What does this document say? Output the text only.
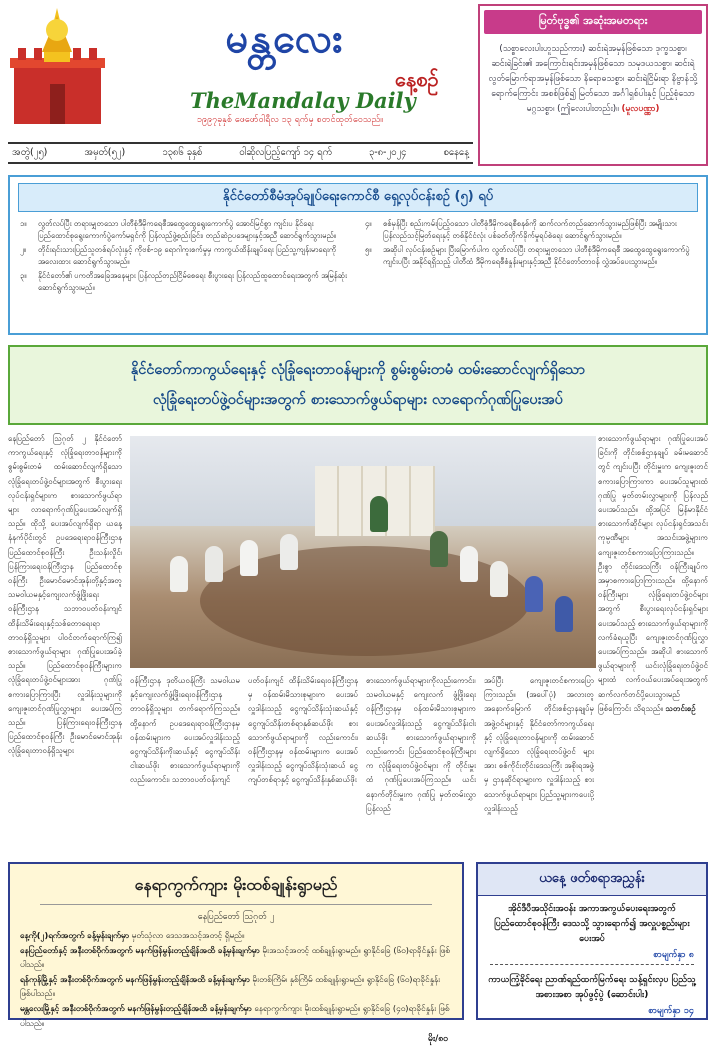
မန္တလေး
နေ့စဉ်
TheMandalay Daily
၁၉၉၇ခုနှစ် ဖေဖော်ဝါရီလ ၁၃ ရက်မှ စတင်ထုတ်ဝေသည်။
အတွဲ(၂၅)	အမှတ်(၅၂)	၁၃၈၆ ခုနှစ်	ဝါဆိုလပြည့်ကျော် ၁၄ ရက်	၃-၈-၂၀၂၄	စနေနေ့
မြတ်ဗုဒ္ဓ၏ အဆုံးအမတရား
(သစ္စာလေးပါးဟူသည်ကား) ဆင်းရဲအမှန်ဖြစ်သော ဒုက္ခသစ္စာ၊ ဆင်းရဲခြင်း၏ အကြောင်းရင်းအမှန်ဖြစ်သော သမုဒယသစ္စာ၊ ဆင်းရဲ လွတ်မြောက်ရာအမှန်ဖြစ်သော နိရောဓသစ္စာ၊ ဆင်းရဲငြိမ်းရာ နိဗ္ဗာန်သို့ရောက်ကြောင်း အစစ်ဖြစ်၍ မြတ်သော အင်္ဂါရှစ်ပါးနှင့် ပြည့်စုံသော မဂ္ဂသစ္စာ၊ (ဤလေးပါးတည်း)။ (မူလပဏ္ဏာ)
နိုင်ငံတော်စီမံအုပ်ချုပ်ရေးကောင်စီ ရှေ့လုပ်ငန်းစဉ် (၅) ရပ်
၁။	လွတ်လပ်ပြီး တရားမျှတသော ပါတီစုံဒီမိုကရေစီအထွေထွေရွေးကောက်ပွဲ အောင်မြင်စွာ ကျင်းပ နိုင်ရေး ပြည်ထောင်စုရွေးကောက်ပွဲကော်မရှင်ကို ပြန်လည်ဖွဲ့စည်းခြင်း၊ တည်ဆဲဥပဒေများနှင့်အညီ ဆောင်ရွက်သွားမည်။
၂။	တိုင်းရင်းသားပြည်သူတစ်ရပ်လုံးနှင့် ကိုဗစ်-၁၉ ရောဂါကူးစက်မှုမှ ကာကွယ်ထိန်းချုပ်ရေး ပြည်သူ့ကျန်းမာရေးကို အလေးထား ဆောင်ရွက်သွားမည်။
၃။	နိုင်ငံတော်၏ ပကတိအခြေအနေများ ပြန်လည်တည်ငြိမ်စေရေး စီးပွားရေး ပြန်လည်ထူထောင်ရေးအတွက် အမြန်ဆုံး ဆောင်ရွက်သွားမည်။
၄။	စစ်မှန်ပြီး စည်းကမ်းပြည့်ဝသော ပါတီစုံဒီမိုကရေစီစနစ်ကို ဆက်လက်တည်ဆောက်သွားမည်ဖြစ်ပြီး အမျိုးသားပြန်လည်သင့်မြတ်ရေးနှင့် တစ်နိုင်ငံလုံး ပစ်ခတ်တိုက်ခိုက်မှုရပ်စဲရေး ဆောင်ရွက်သွားမည်။
၅။	အဆိုပါ လုပ်ငန်းစဉ်များ ပြီးမြောက်ပါက လွတ်လပ်ပြီး တရားမျှတသော ပါတီစုံဒီမိုကရေစီ အထွေထွေရွေးကောက်ပွဲ ကျင်းပပြီး အနိုင်ရရှိသည့် ပါတီထံ ဒီမိုကရေစီစံနှုန်းများနှင့်အညီ နိုင်ငံတော်တာဝန် လွှဲအပ်ပေးသွားမည်။
နိုင်ငံတော်ကာကွယ်ရေးနှင့် လုံခြုံရေးတာဝန်များကို စွမ်းစွမ်းတမံ ထမ်းဆောင်လျက်ရှိသော
လုံခြုံရေးတပ်ဖွဲ့ဝင်များအတွက် စားသောက်ဖွယ်ရာများ လာရောက်ဂုဏ်ပြုပေးအပ်
နေပြည်တော် ဩဂုတ် ၂ နိုင်ငံတော်ကာကွယ်ရေးနှင့် လုံခြုံရေးတာဝန်များကို စွမ်းစွမ်းတမံ ထမ်းဆောင်လျက်ရှိသော လုံခြုံရေးတပ်ဖွဲ့ဝင်များအတွက် စီးပွားရေးလုပ်ငန်းရှင်များက စားသောက်ဖွယ်ရာများ လာရောက်ဂုဏ်ပြုပေးအပ်လျက်ရှိသည်။ ထိုသို့ ပေးအပ်လျက်ရှိရာ ယနေ့နံနက်ပိုင်းတွင် ဥပဒေရေးရာဝန်ကြီးဌာန ပြည်ထောင်စုဝန်ကြီး ဦးသန်းလှိုင်၊ ပြန်ကြားရေးဝန်ကြီးဌာန ပြည်ထောင်စုဝန်ကြီး ဦးမောင်မောင်အုန်းတို့နှင့်အတူ သမဝါယမနှင့်ကျေးလက်ဖွံ့ဖြိုးရေးဝန်ကြီးဌာန သဘာဝပတ်ဝန်းကျင်ထိန်းသိမ်းရေးနှင့်သစ်တောရေးရာ တာဝန်ရှိသူများ ပါဝင်တက်ရောက်ကြ၍ စားသောက်ဖွယ်ရာများ ဂုဏ်ပြုပေးအပ်ခဲ့သည်။ ပြည်ထောင်စုဝန်ကြီးများက လုံခြုံရေးတပ်ဖွဲ့ဝင်များအား ဂုဏ်ပြုစကားပြောကြားပြီး လှူဒါန်းသူများကို ကျေးဇူးတင်ဂုဏ်ပြုလွှာများ ပေးအပ်ကြသည်။ ပြန်ကြားရေးဝန်ကြီးဌာန ပြည်ထောင်စုဝန်ကြီး ဦးမောင်မောင်အုန်း လုံခြုံရေးတာဝန်ရှိသူများ
စားသောက်ဖွယ်ရာများ ဂုဏ်ပြုပေးအပ်ခြင်းကို တိုင်းစစ်ဌာနချုပ် ခမ်းမဆောင်တွင် ကျင်းပပြီး တိုင်းမှူးက ကျေးဇူးတင်စကားပြောကြားကာ ပေးအပ်သူများထံ ဂုဏ်ပြု မှတ်တမ်းလွှာများကို ပြန်လည်ပေးအပ်သည်။ ထို့အပြင် မြန်မာနိုင်ငံ စားသောက်ဆိုင်များ လုပ်ငန်းရှင်အသင်း ကုမ္ပဏီများ အသင်းအဖွဲ့များက ကျေးဇူးတင်စကားပြောကြားသည်။ ဦးစွာ တိုင်းဒေသကြီး ဝန်ကြီးချုပ်က အမှာစကားပြောကြားသည်။ ထို့နောက် ဝန်ကြီးများ လုံခြုံရေးတပ်ဖွဲ့ဝင်များအတွက် စီးပွားရေးလုပ်ငန်းရှင်များ ပေးအပ်သည့် စားသောက်ဖွယ်ရာများကို လက်ခံရယူပြီး ကျေးဇူးတင်ဂုဏ်ပြုလွှာ ပေးအပ်ကြသည်။ အဆိုပါ စားသောက်ဖွယ်ရာများကို ယင်းလုံခြုံရေးတပ်ဖွဲ့ဝင်များထံ လက်ဝယ်ပေးအပ်ရေးအတွက် ဆက်လက်တင်ပို့ပေးသွားမည်ဖြစ်ကြောင်း သိရသည်။ သတင်းစဉ်
ဝန်ကြီးဌာန ဒုတိယဝန်ကြီး သမဝါယမနှင့်ကျေးလက်ဖွံ့ဖြိုးရေးဝန်ကြီးဌာန တာဝန်ရှိသူများ တက်ရောက်ကြသည်။ ထို့နောက် ဥပဒေရေးရာဝန်ကြီးဌာနမှ ဝန်ထမ်းများက ပေးအပ်လှူဒါန်းသည့် ငွေကျပ်သိန်းကိုးဆယ်နှင့် ငွေကျပ်သိန်းငါးဆယ်ဖိုး စားသောက်ဖွယ်ရာများကို လည်းကောင်း၊ သဘာဝပတ်ဝန်းကျင်
ပတ်ဝန်းကျင် ထိန်းသိမ်းရေးဝန်ကြီးဌာနမှ ဝန်ထမ်းမိသားစုများက ပေးအပ်လှူဒါန်းသည့် ငွေကျပ်သိန်းသုံးဆယ်နှင့် ငွေကျပ်သိန်းတစ်ရာနှစ်ဆယ်ဖိုး စားသောက်ဖွယ်ရာများကို လည်းကောင်း၊ ဝန်ကြီးဌာနမှ ဝန်ထမ်းများက ပေးအပ်လှူဒါန်းသည့် ငွေကျပ်သိန်းသုံးဆယ် ငွေကျပ်တစ်ရာနှင့် ငွေကျပ်သိန်းနှစ်ဆယ်ဖိုး
စားသောက်ဖွယ်ရာများကိုလည်းကောင်း၊ သမဝါယမနှင့် ကျေးလက် ဖွံ့ဖြိုးရေးဝန်ကြီးဌာနမှ ဝန်ထမ်းမိသားစုများက ပေးအပ်လှူဒါန်းသည့် ငွေကျပ်သိန်းငါးဆယ်ဖိုး စားသောက်ဖွယ်ရာများကို လည်းကောင်း ပြည်ထောင်စုဝန်ကြီးများက လုံခြုံရေးတပ်ဖွဲ့ဝင်များ ကို တိုင်းမှူးထံ ဂုဏ်ပြုပေးအပ်ကြသည်။ ယင်းနောက်တိုင်းမှူးက ဂုဏ်ပြု မှတ်တမ်းလွှာ ပြန်လည်
အပ်ပြီး ကျေးဇူးတင်စကားပြောကြားသည်။ (အပေါ်ပုံ) အလားတူ အနောက်မြောက် တိုင်းစစ်ဌာနချုပ်မှ အဖွဲ့ဝင်များနှင့် နိုင်ငံတော်ကာကွယ်ရေးနှင့် လုံခြုံရေးတာဝန်များကို ထမ်းဆောင် လျက်ရှိသော လုံခြုံရေးတပ်ဖွဲ့ဝင် များအား စစ်ကိုင်းတိုင်းဒေသကြီး အစိုးရအဖွဲ့မှ ဌာနဆိုင်ရာများက လှူဒါန်းသည့် စားသောက်ဖွယ်ရာများ ပြည်သူ့များကပေးပို့လှူဒါန်းသည့်
နေရာကွက်ကျား မိုးထစ်ချုန်းရွာမည်
နေပြည်တော် ဩဂုတ် ၂
နေ့ကို(၂)ရက်အတွက် ခန့်မှန်းချက်မှာ မှတ်သုံလာ ဒေသအသင့်အတင့် ရှိမည်။
နေပြည်တော်နှင့် အနီးတစ်ဝိုက်အတွက် မနက်ဖြန်မွန်းတည့်ချိန်အထိ ခန့်မှန်းချက်မှာ မိုးအသင့်အတင့် ထစ်ချုန်းရွာမည်။ ရွာနိုင်ခြေ (၆၀)ရာခိုင်နှုန်း ဖြစ်ပါသည်။
ရန်ကုန်မြို့နှင့် အနီးတစ်ဝိုက်အတွက် မနက်ဖြန်မွန်းတည့်ချိန်အထိ ခန့်မှန်းချက်မှာ မိုးတစ်ကြိမ်၊ နှစ်ကြိမ် ထစ်ချုန်းရွာမည်။ ရွာနိုင်ခြေ (၆၀)ရာခိုင်နှုန်း ဖြစ်ပါသည်။
မန္တလေးမြို့နှင့် အနီးတစ်ဝိုက်အတွက် မနက်ဖြန်မွန်းတည့်ချိန်အထိ ခန့်မှန်းချက်မှာ နေရာကွက်ကျား မိုးထစ်ချုန်းရွာမည်။ ရွာနိုင်ခြေ (၄၀)ရာခိုင်နှုန်း ဖြစ်ပါသည်။
မိုး/၈၀
ယနေ့ ဖတ်စရာအညွှန်း
အိုင်ဒီပီအသိုင်းအဝန်း အကာအကွယ်ပေးရေးအတွက် ပြည်ထောင်စုဝန်ကြီး ဒေသသို့ သွားရောက်၍ အလှူပစ္စည်းများ ပေးအပ်
စာမျက်နှာ ၈
ကာယကြံ့ခိုင်ရေး ညာဏ်ရည်ထက်မြက်ရေး သန့်ရှင်းလှပ ပြည်သူ့အစားအစာ အုပ်ဖွင့်ပွဲ (ဆောင်းပါး)
စာမျက်နှာ ၁၄
